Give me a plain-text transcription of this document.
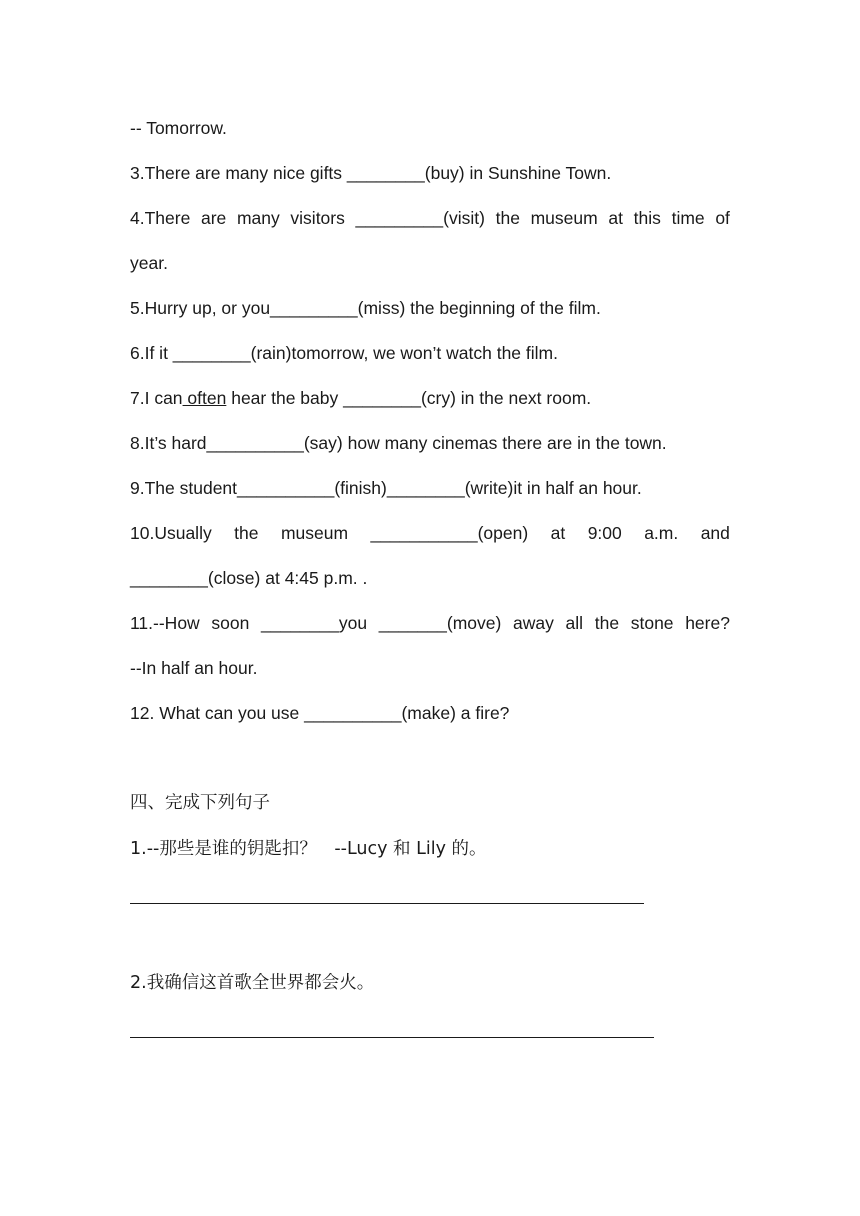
-- Tomorrow.
3.There are many nice gifts ________(buy) in Sunshine Town.
4.There are many visitors _________(visit) the museum at this time of
year.
5.Hurry up, or you_________(miss) the beginning of the film.
6.If it ________(rain)tomorrow, we won’t watch the film.
7.I can often hear the baby ________(cry) in the next room.
8.It’s hard__________(say) how many cinemas there are in the town.
9.The student__________(finish)________(write)it in half an hour.
10.Usually the museum ___________(open) at 9:00 a.m. and
________(close) at 4:45 p.m. .
11.--How soon ________you _______(move) away all the stone here?
--In half an hour.
12. What can you use __________(make) a fire?
四、完成下列句子
1.--那些是谁的钥匙扣？　--Lucy 和 Lily 的。
2.我确信这首歌全世界都会火。
